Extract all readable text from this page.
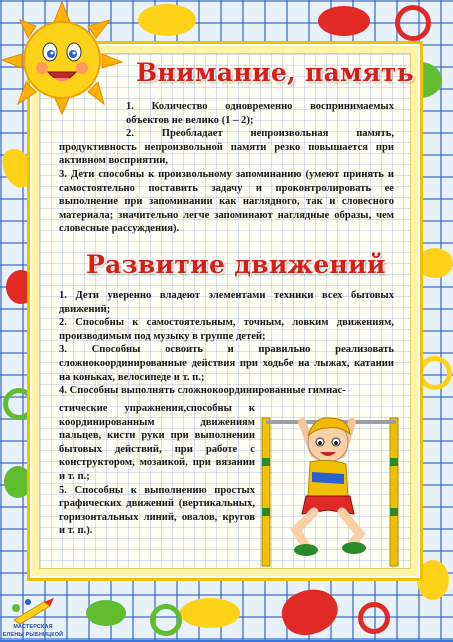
Внимание, память
Развитие движений
1. Количество одновременно воспринимаемых объектов не велико (1 – 2);

2. Преобладает непроизвольная память, продуктивность непроизвольной памяти резко повышается при активном восприятии,

3. Дети способны к произвольному запоминанию (умеют принять и самостоятельно поставить задачу и проконтролировать ее выполнение при запоминании как наглядного, так и словесного материала; значительно легче запоминают наглядные образы, чем словесные рассуждения).

1. Дети уверенно владеют элементами техники всех бытовых движений;

2. Способны к самостоятельным, точным, ловким движениям, производимым под музыку в группе детей;

3. Способны освоить и правильно реализовать сложнокоординированные действия при ходьбе на лыжах, катании на коньках, велосипеде и т. п.;

4. Способны выполнять сложнокоординированные гимнас-

стические упражнения,способны к координированным движениям пальцев, кисти руки при выполнении бытовых действий, при работе с конструктором, мозаикой, при вязании и т. п.;

5. Способны к выполнению простых графических движений (вертикальных, горизонтальных линий, овалов, кругов и т. п.).

МАСТЕРСКАЯ
ЕЛЕНЫ РЫБНИЦКОЙ
